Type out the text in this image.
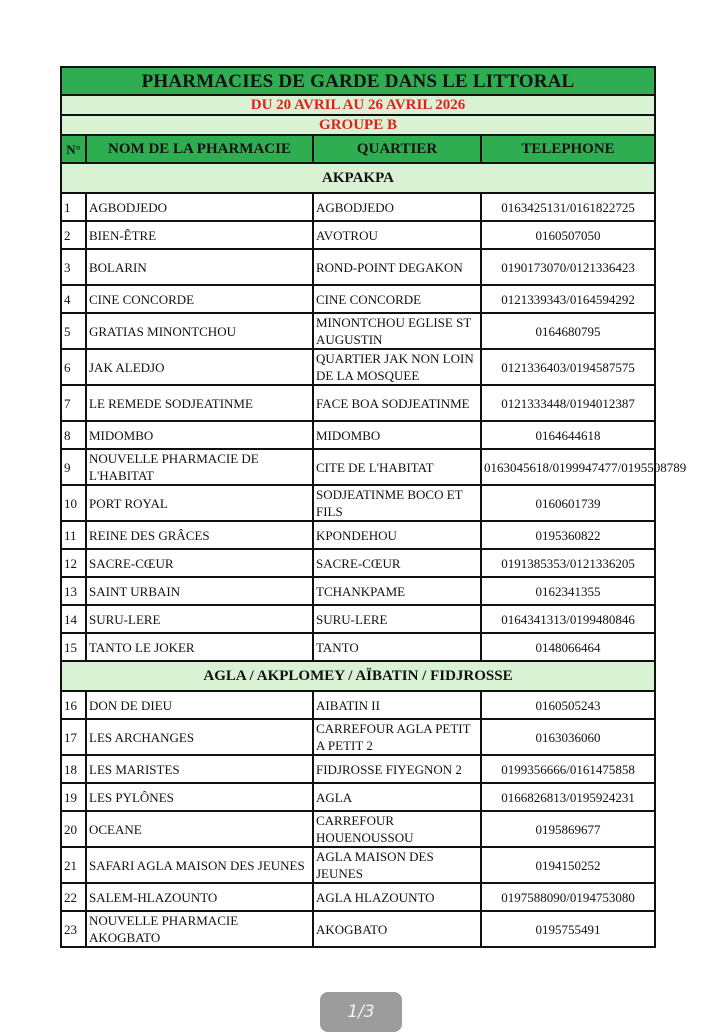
PHARMACIES DE GARDE DANS LE LITTORAL			
DU 20 AVRIL AU 26 AVRIL 2026			
GROUPE B			
N°	NOM DE LA PHARMACIE	QUARTIER	TELEPHONE
AKPAKPA			
1	AGBODJEDO	AGBODJEDO	0163425131/0161822725
2	BIEN-ÊTRE	AVOTROU	0160507050
3	BOLARIN	ROND-POINT DEGAKON	0190173070/0121336423
4	CINE CONCORDE	CINE CONCORDE	0121339343/0164594292
5	GRATIAS MINONTCHOU	MINONTCHOU EGLISE ST AUGUSTIN	0164680795
6	JAK ALEDJO	QUARTIER JAK NON LOIN DE LA MOSQUEE	0121336403/0194587575
7	LE REMEDE SODJEATINME	FACE BOA SODJEATINME	0121333448/0194012387
8	MIDOMBO	MIDOMBO	0164644618
9	NOUVELLE PHARMACIE DE L'HABITAT	CITE DE L'HABITAT	0163045618/0199947477/0195508789
10	PORT ROYAL	SODJEATINME BOCO ET FILS	0160601739
11	REINE DES GRÂCES	KPONDEHOU	0195360822
12	SACRE-CŒUR	SACRE-CŒUR	0191385353/0121336205
13	SAINT URBAIN	TCHANKPAME	0162341355
14	SURU-LERE	SURU-LERE	0164341313/0199480846
15	TANTO LE JOKER	TANTO	0148066464
AGLA / AKPLOMEY / AÏBATIN / FIDJROSSE			
16	DON DE DIEU	AIBATIN II	0160505243
17	LES ARCHANGES	CARREFOUR AGLA PETIT A PETIT 2	0163036060
18	LES MARISTES	FIDJROSSE FIYEGNON 2	0199356666/0161475858
19	LES PYLÔNES	AGLA	0166826813/0195924231
20	OCEANE	CARREFOUR HOUENOUSSOU	0195869677
21	SAFARI AGLA MAISON DES JEUNES	AGLA MAISON DES JEUNES	0194150252
22	SALEM-HLAZOUNTO	AGLA HLAZOUNTO	0197588090/0194753080
23	NOUVELLE PHARMACIE AKOGBATO	AKOGBATO	0195755491
1/3
